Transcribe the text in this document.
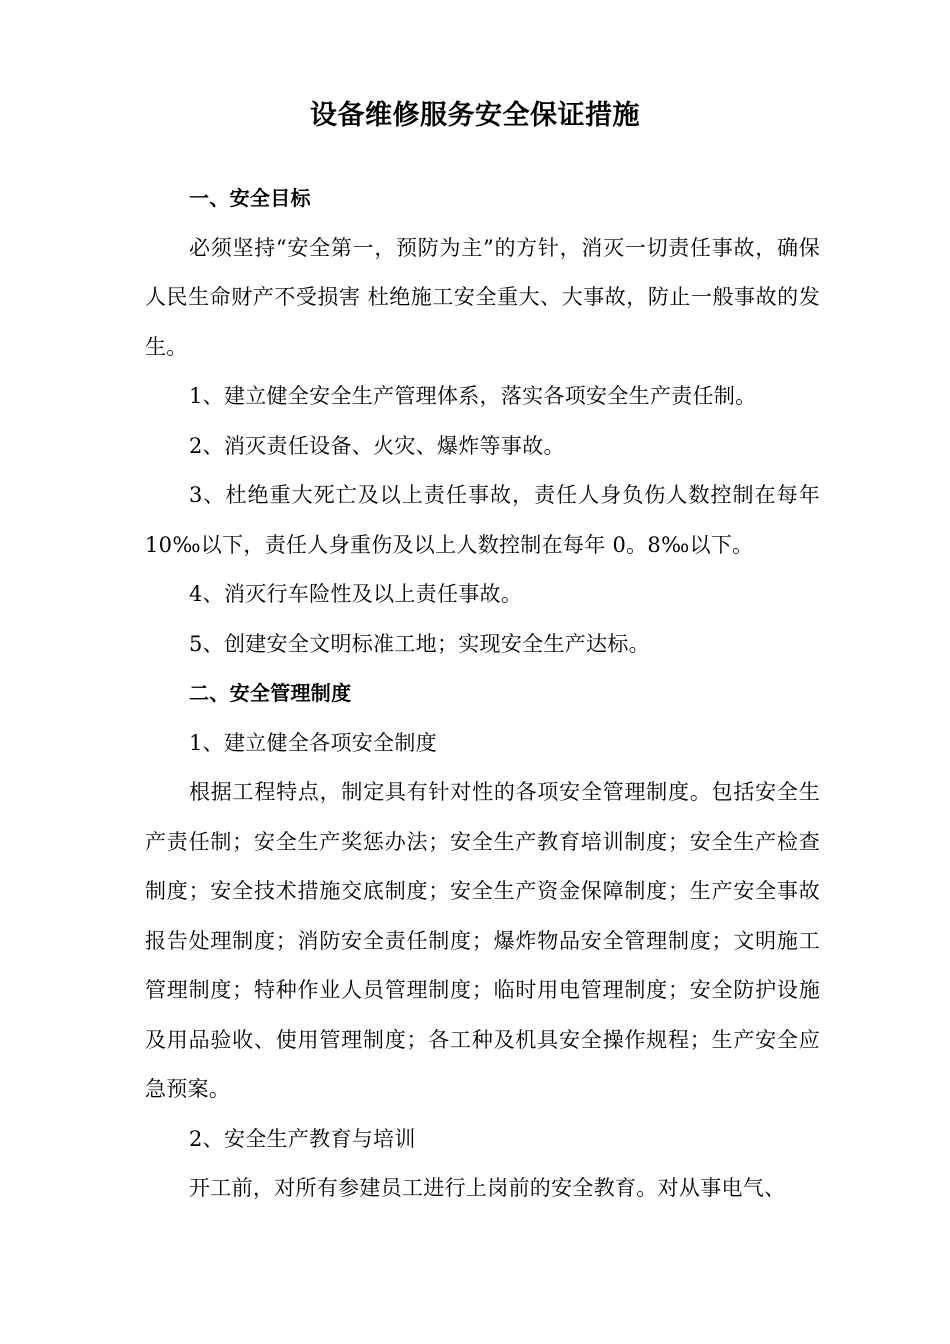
设备维修服务安全保证措施

一、安全目标

必须坚持“安全第一，预防为主”的方针，消灭一切责任事故，确保人民生命财产不受损害 杜绝施工安全重大、大事故，防止一般事故的发生。

1、建立健全安全生产管理体系，落实各项安全生产责任制。

2、消灭责任设备、火灾、爆炸等事故。

3、杜绝重大死亡及以上责任事故，责任人身负伤人数控制在每年 10‰以下，责任人身重伤及以上人数控制在每年 0。8‰以下。

4、消灭行车险性及以上责任事故。

5、创建安全文明标准工地；实现安全生产达标。

二、安全管理制度

1、建立健全各项安全制度

根据工程特点，制定具有针对性的各项安全管理制度。包括安全生产责任制；安全生产奖惩办法；安全生产教育培训制度；安全生产检查制度；安全技术措施交底制度；安全生产资金保障制度；生产安全事故报告处理制度；消防安全责任制度；爆炸物品安全管理制度；文明施工管理制度；特种作业人员管理制度；临时用电管理制度；安全防护设施及用品验收、使用管理制度；各工种及机具安全操作规程；生产安全应急预案。

2、安全生产教育与培训

开工前，对所有参建员工进行上岗前的安全教育。对从事电气、
